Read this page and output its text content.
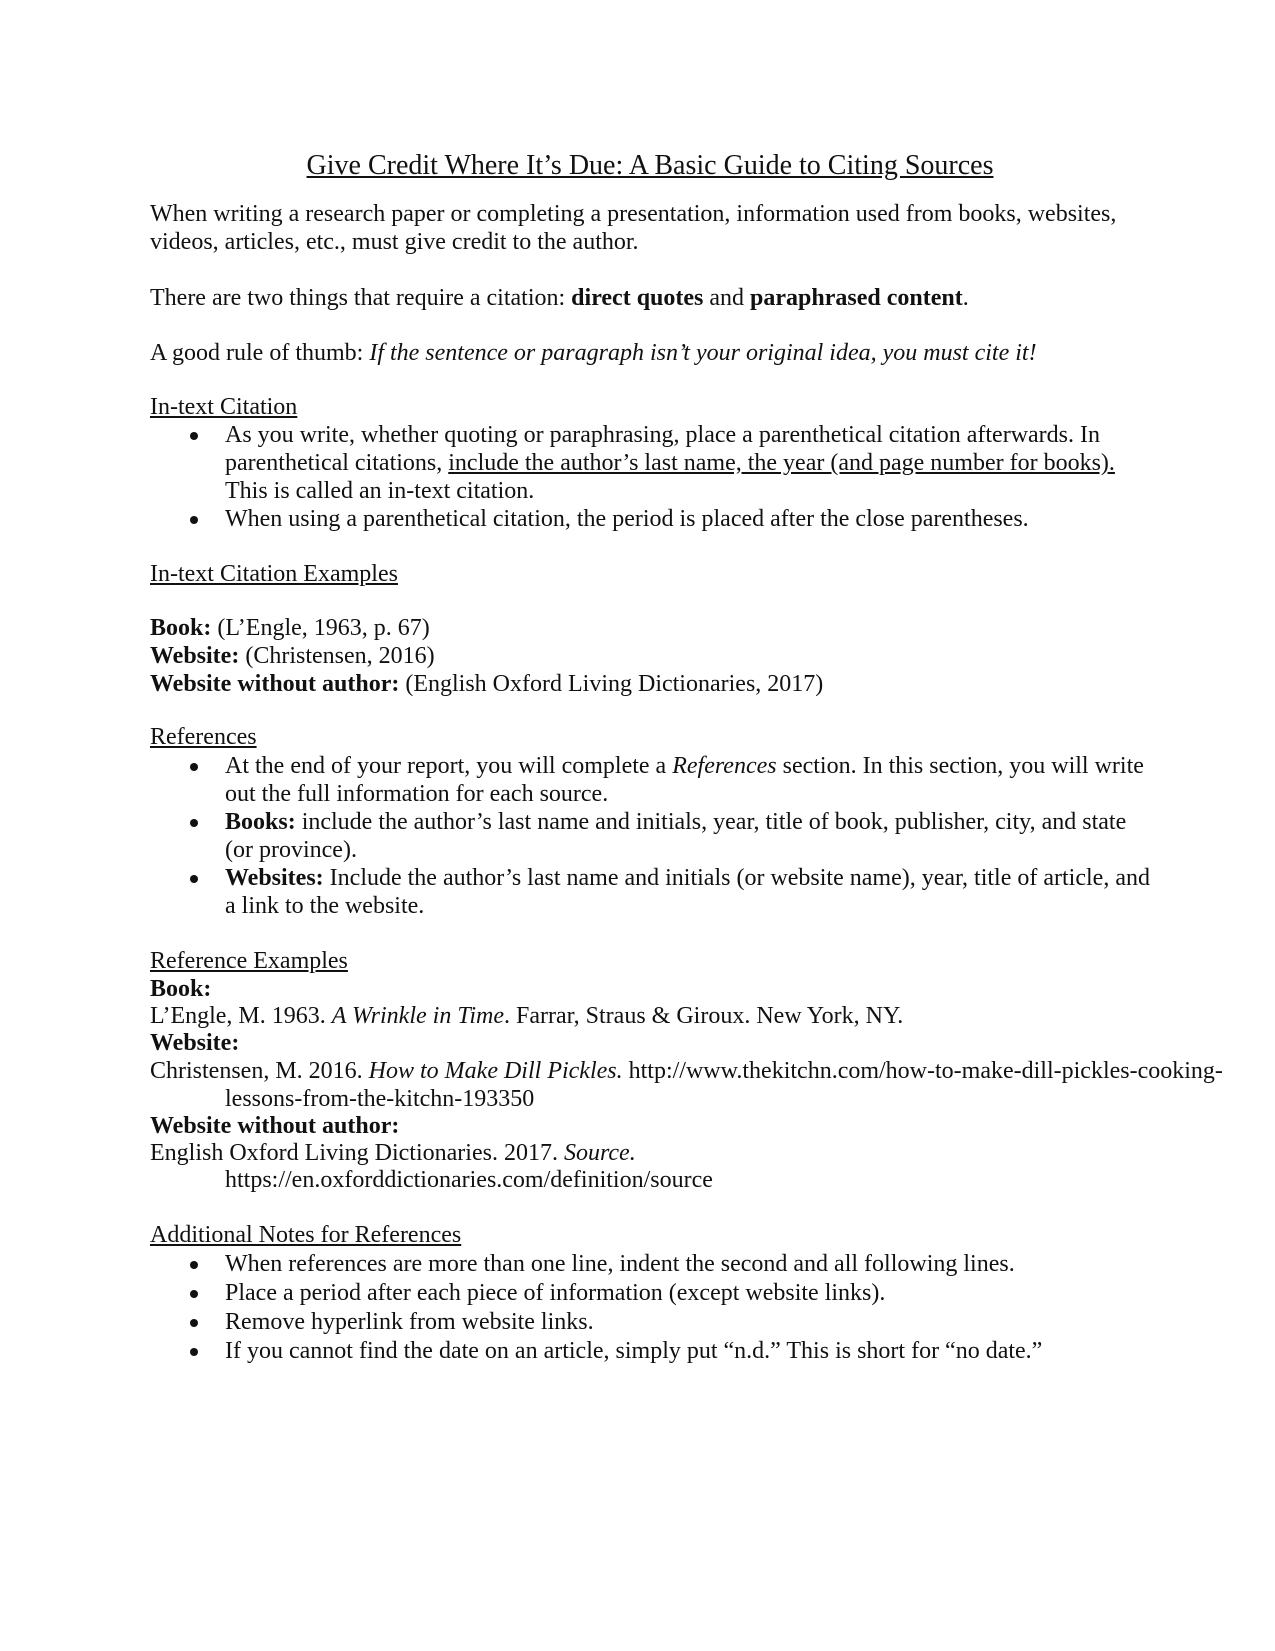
Give Credit Where It’s Due: A Basic Guide to Citing Sources

When writing a research paper or completing a presentation, information used from books, websites, videos, articles, etc., must give credit to the author.

There are two things that require a citation: direct quotes and paraphrased content.

A good rule of thumb: If the sentence or paragraph isn’t your original idea, you must cite it!

In-text Citation

As you write, whether quoting or paraphrasing, place a parenthetical citation afterwards. In parenthetical citations, include the author’s last name, the year (and page number for books).  This is called an in-text citation.
When using a parenthetical citation, the period is placed after the close parentheses.

In-text Citation Examples

Book: (L’Engle, 1963, p. 67)

Website: (Christensen, 2016)

Website without author: (English Oxford Living Dictionaries, 2017)

References

At the end of your report, you will complete a References section. In this section, you will write out the full information for each source.
Books: include the author’s last name and initials, year, title of book, publisher, city, and state (or province).
Websites: Include the author’s last name and initials (or website name), year, title of article, and a link to the website.

Reference Examples

Book:

L’Engle, M. 1963. A Wrinkle in Time. Farrar, Straus & Giroux. New York, NY.

Website:

Christensen, M. 2016. How to Make Dill Pickles. http://www.thekitchn.com/how-to-make-dill-pickles-cooking-lessons-from-the-kitchn-193350

Website without author:

English Oxford Living Dictionaries. 2017. Source.

https://en.oxforddictionaries.com/definition/source

Additional Notes for References

When references are more than one line, indent the second and all following lines.
Place a period after each piece of information (except website links).
Remove hyperlink from website links.
If you cannot find the date on an article, simply put “n.d.” This is short for “no date.”
